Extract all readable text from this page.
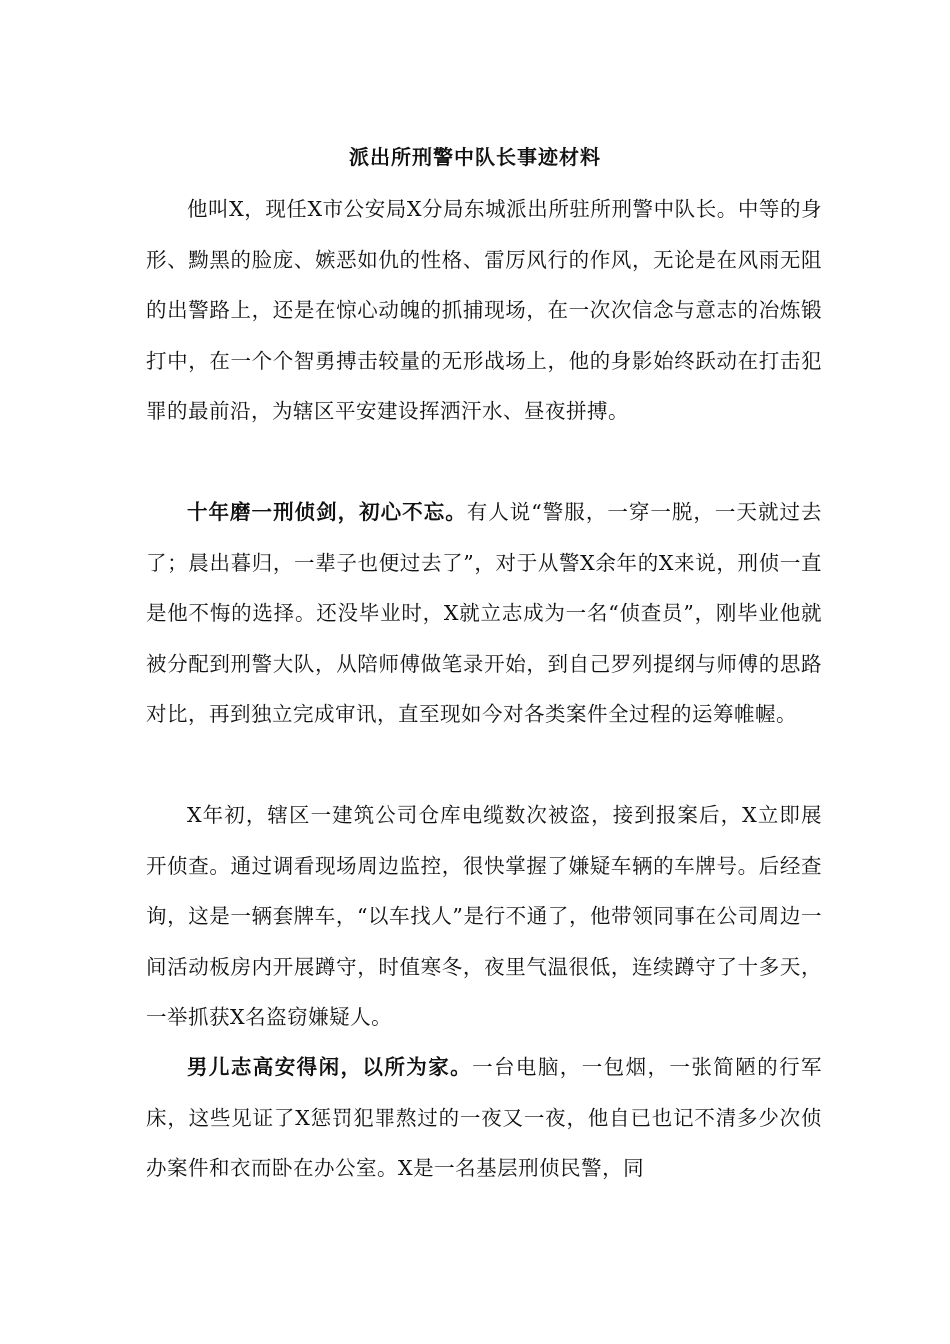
派出所刑警中队长事迹材料

他叫X，现任X市公安局X分局东城派出所驻所刑警中队长。中等的身形、黝黑的脸庞、嫉恶如仇的性格、雷厉风行的作风，无论是在风雨无阻的出警路上，还是在惊心动魄的抓捕现场，在一次次信念与意志的冶炼锻打中，在一个个智勇搏击较量的无形战场上，他的身影始终跃动在打击犯罪的最前沿，为辖区平安建设挥洒汗水、昼夜拼搏。

十年磨一刑侦剑，初心不忘。有人说“警服，一穿一脱，一天就过去了；晨出暮归，一辈子也便过去了”，对于从警X余年的X来说，刑侦一直是他不悔的选择。还没毕业时，X就立志成为一名“侦查员”，刚毕业他就被分配到刑警大队，从陪师傅做笔录开始，到自己罗列提纲与师傅的思路对比，再到独立完成审讯，直至现如今对各类案件全过程的运筹帷幄。

X年初，辖区一建筑公司仓库电缆数次被盗，接到报案后，X立即展开侦查。通过调看现场周边监控，很快掌握了嫌疑车辆的车牌号。后经查询，这是一辆套牌车，“以车找人”是行不通了，他带领同事在公司周边一间活动板房内开展蹲守，时值寒冬，夜里气温很低，连续蹲守了十多天，一举抓获X名盗窃嫌疑人。

男儿志高安得闲，以所为家。一台电脑，一包烟，一张简陋的行军床，这些见证了X惩罚犯罪熬过的一夜又一夜，他自已也记不清多少次侦办案件和衣而卧在办公室。X是一名基层刑侦民警，同
